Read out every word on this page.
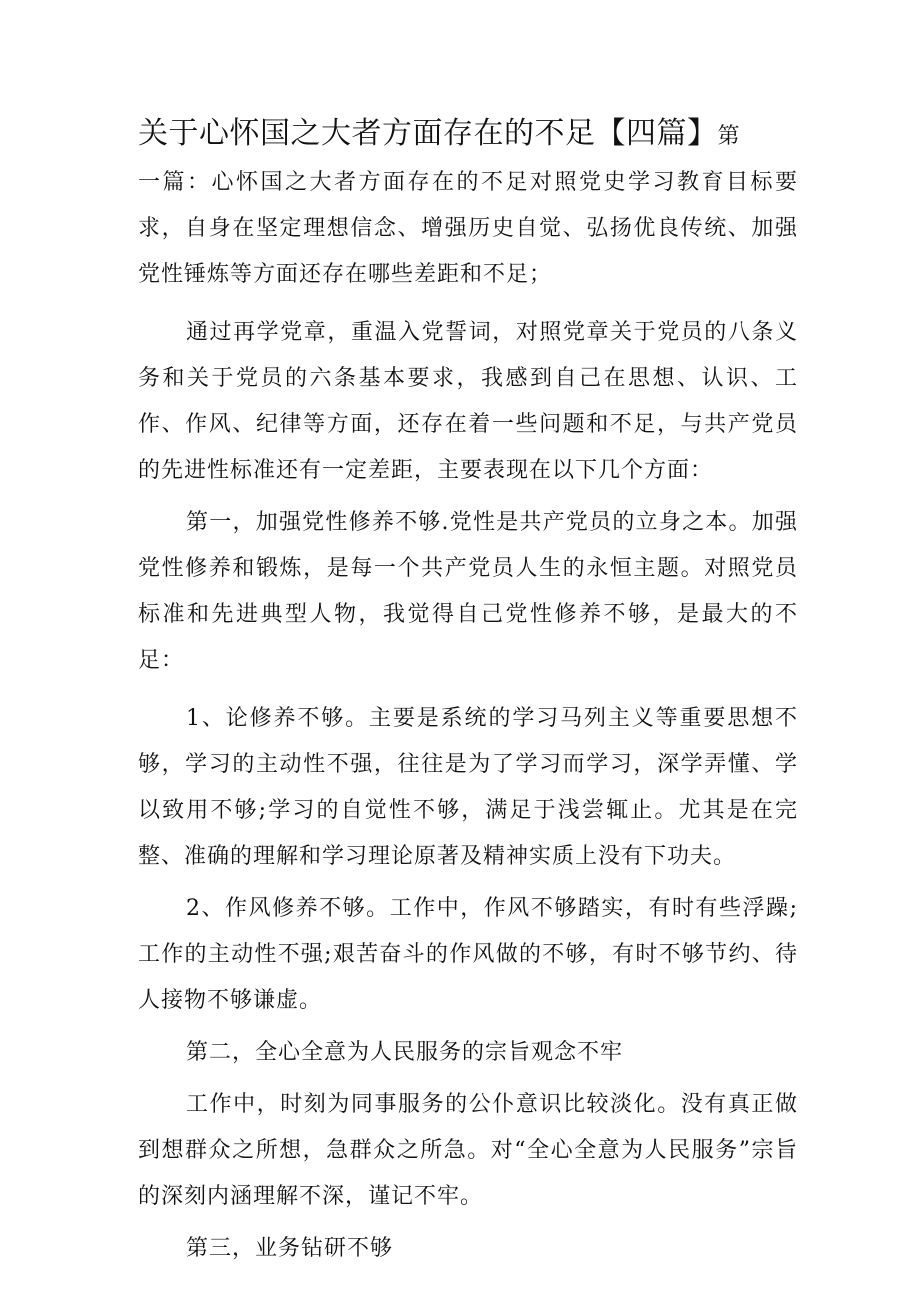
关于心怀国之大者方面存在的不足【四篇】第

一篇：心怀国之大者方面存在的不足对照党史学习教育目标要求，自身在坚定理想信念、增强历史自觉、弘扬优良传统、加强党性锤炼等方面还存在哪些差距和不足；

通过再学党章，重温入党誓词，对照党章关于党员的八条义务和关于党员的六条基本要求，我感到自己在思想、认识、工作、作风、纪律等方面，还存在着一些问题和不足，与共产党员的先进性标准还有一定差距，主要表现在以下几个方面：

第一，加强党性修养不够.党性是共产党员的立身之本。加强党性修养和锻炼，是每一个共产党员人生的永恒主题。对照党员标准和先进典型人物，我觉得自己党性修养不够，是最大的不足：

1、论修养不够。主要是系统的学习马列主义等重要思想不够，学习的主动性不强，往往是为了学习而学习，深学弄懂、学以致用不够;学习的自觉性不够，满足于浅尝辄止。尤其是在完整、准确的理解和学习理论原著及精神实质上没有下功夫。

2、作风修养不够。工作中，作风不够踏实，有时有些浮躁;工作的主动性不强;艰苦奋斗的作风做的不够，有时不够节约、待人接物不够谦虚。

第二，全心全意为人民服务的宗旨观念不牢

工作中，时刻为同事服务的公仆意识比较淡化。没有真正做到想群众之所想，急群众之所急。对“全心全意为人民服务”宗旨的深刻内涵理解不深，谨记不牢。

第三，业务钻研不够
